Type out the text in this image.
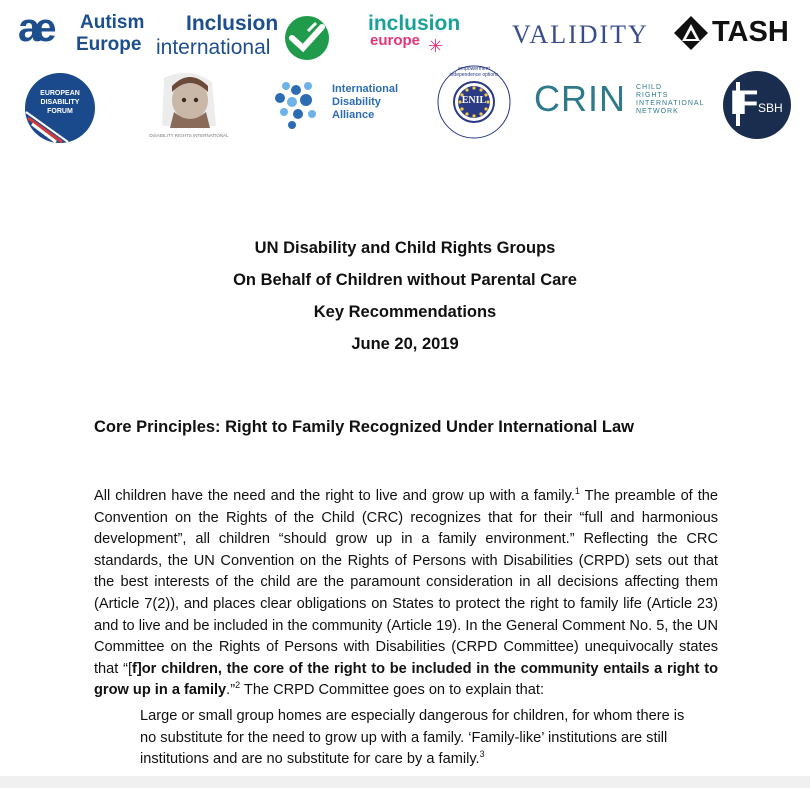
ae Autism
Europe
Inclusion
international
inclusion
europe ✳	VALIDITY TASH
EUROPEAN
DISABILITY
FORUM
DISABILITY RIGHTS INTERNATIONAL
International
Disability
Alliance
ENIL
empowerment independence options
CRIN CHILD
RIGHTS
INTERNATIONAL
NETWORK IF SBH
UN Disability and Child Rights Groups
On Behalf of Children without Parental Care
Key Recommendations
June 20, 2019
Core Principles: Right to Family Recognized Under International Law
All children have the need and the right to live and grow up with a family.$^1$ The preamble of the Convention on the Rights of the Child (CRC) recognizes that for their “full and harmonious development”, all children “should grow up in a family environment.” Reflecting the CRC standards, the UN Convention on the Rights of Persons with Disabilities (CRPD) sets out that the best interests of the child are the paramount consideration in all decisions affecting them (Article 7(2)), and places clear obligations on States to protect the right to family life (Article 23) and to live and be included in the community (Article 19). In the General Comment No. 5, the UN Committee on the Rights of Persons with Disabilities (CRPD Committee) unequivocally states that “[f]or children, the core of the right to be included in the community entails a right to grow up in a family.”$^2$ The CRPD Committee goes on to explain that:
Large or small group homes are especially dangerous for children, for whom there is no substitute for the need to grow up with a family. ‘Family-like’ institutions are still institutions and are no substitute for care by a family.$^3$
